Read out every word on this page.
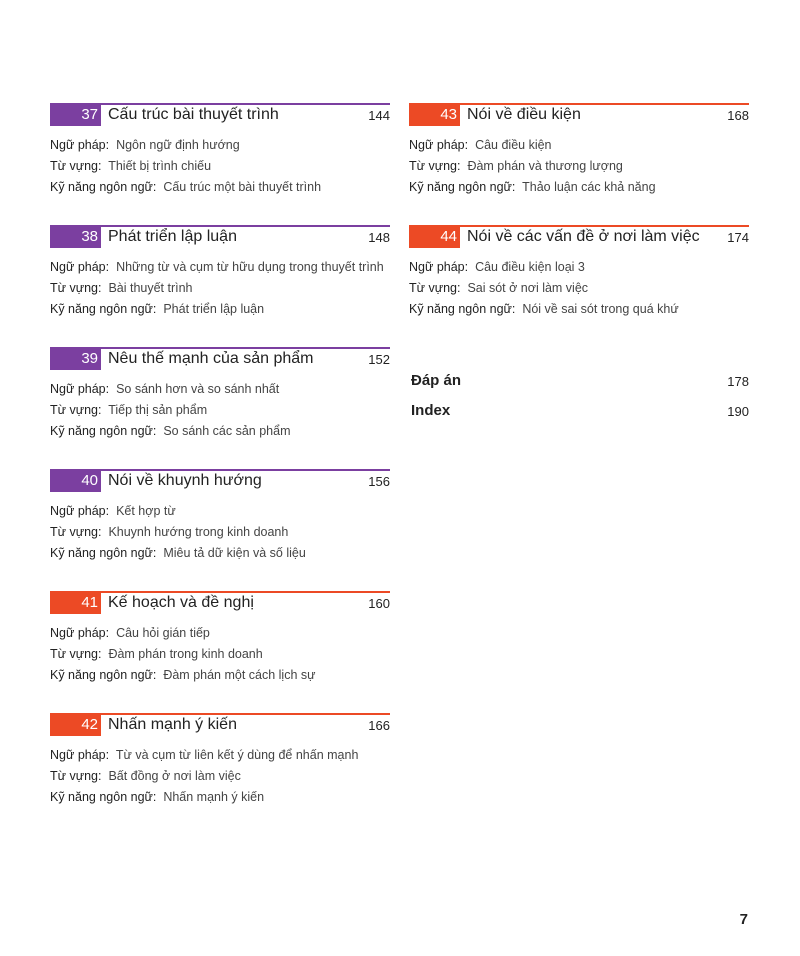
37 Cấu trúc bài thuyết trình	144
Ngữ pháp: Ngôn ngữ định hướng
Từ vựng: Thiết bị trình chiếu
Kỹ năng ngôn ngữ: Cấu trúc một bài thuyết trình
38 Phát triển lập luận	148
Ngữ pháp: Những từ và cụm từ hữu dụng trong thuyết trình
Từ vựng: Bài thuyết trình
Kỹ năng ngôn ngữ: Phát triển lập luận
39 Nêu thế mạnh của sản phẩm	152
Ngữ pháp: So sánh hơn và so sánh nhất
Từ vựng: Tiếp thị sản phẩm
Kỹ năng ngôn ngữ: So sánh các sản phẩm
40 Nói về khuynh hướng	156
Ngữ pháp: Kết hợp từ
Từ vựng: Khuynh hướng trong kinh doanh
Kỹ năng ngôn ngữ: Miêu tả dữ kiện và số liệu
41 Kế hoạch và đề nghị	160
Ngữ pháp: Câu hỏi gián tiếp
Từ vựng: Đàm phán trong kinh doanh
Kỹ năng ngôn ngữ: Đàm phán một cách lịch sự
42 Nhấn mạnh ý kiến	166
Ngữ pháp: Từ và cụm từ liên kết ý dùng để nhấn mạnh
Từ vựng: Bất đồng ở nơi làm việc
Kỹ năng ngôn ngữ: Nhấn mạnh ý kiến
43 Nói về điều kiện	168
Ngữ pháp: Câu điều kiện
Từ vựng: Đàm phán và thương lượng
Kỹ năng ngôn ngữ: Thảo luận các khả năng
44 Nói về các vấn đề ở nơi làm việc 174
Ngữ pháp: Câu điều kiện loại 3
Từ vựng: Sai sót ở nơi làm việc
Kỹ năng ngôn ngữ: Nói về sai sót trong quá khứ
Đáp án	178
Index	190
7
